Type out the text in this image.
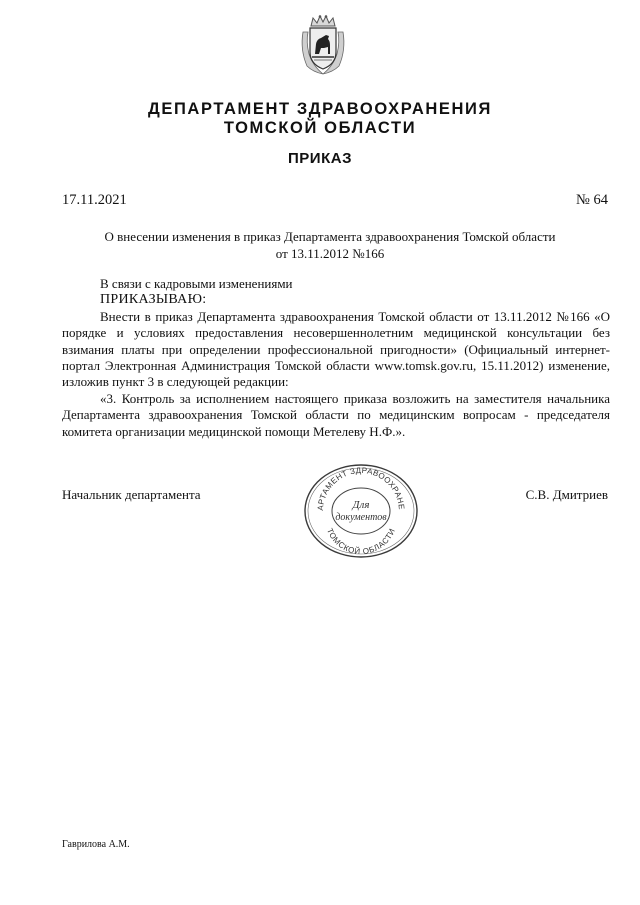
ДЕПАРТАМЕНТ ЗДРАВООХРАНЕНИЯ
ТОМСКОЙ ОБЛАСТИ
ПРИКАЗ
17.11.2021	№ 64
О внесении изменения в приказ Департамента здравоохранения Томской области
от 13.11.2012 №166

В связи с кадровыми изменениями

ПРИКАЗЫВАЮ:

Внести в приказ Департамента здравоохранения Томской области от 13.11.2012 №166 «О порядке и условиях предоставления несовершеннолетним медицинской консультации без взимания платы при определении профессиональной пригодности» (Официальный интернет-портал Электронная Администрация Томской области www.tomsk.gov.ru, 15.11.2012) изменение, изложив пункт 3 в следующей редакции:

«3. Контроль за исполнением настоящего приказа возложить на заместителя начальника Департамента здравоохранения Томской области по медицинским вопросам - председателя комитета организации медицинской помощи Метелеву Н.Ф.».

Начальник департамента	С.В. Дмитриев
АРТАМЕНТ ЗДРАВООХРАНЕ
ТОМСКОЙ ОБЛАСТИ
Для
документов
Гаврилова А.М.
